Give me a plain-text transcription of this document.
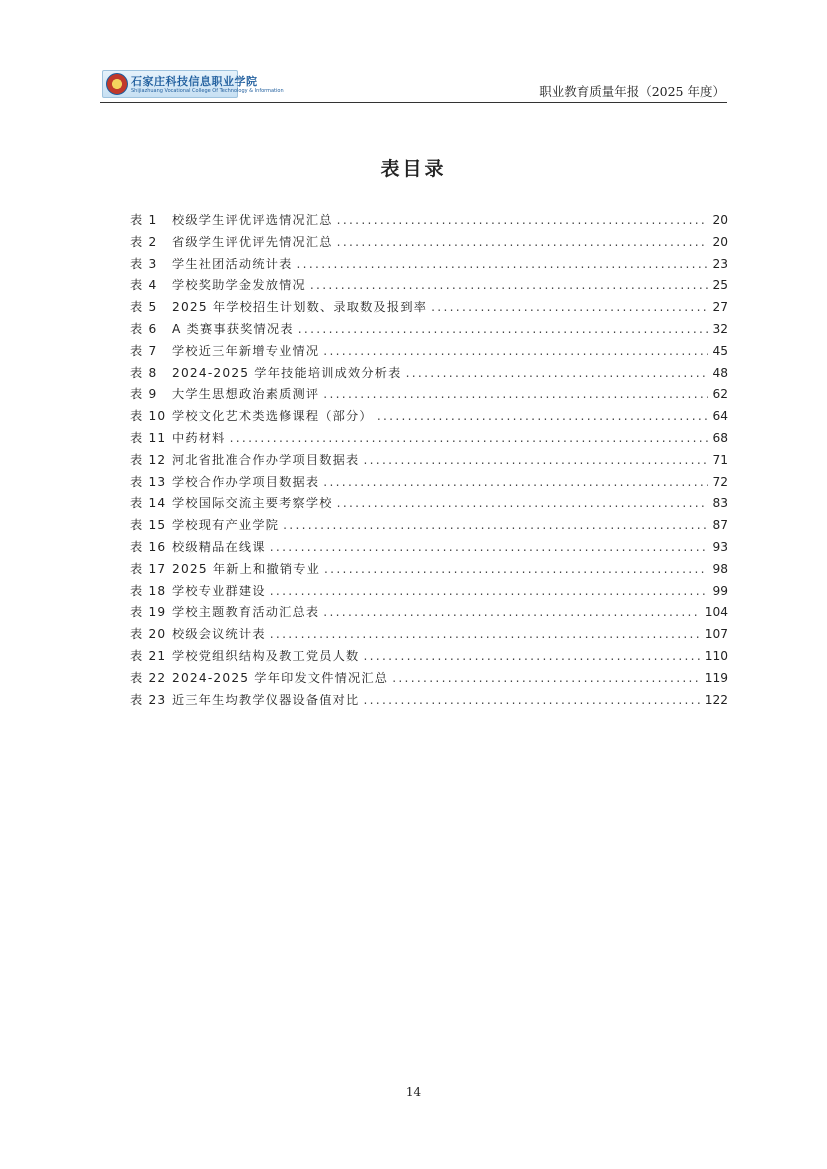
石家庄科技信息职业学院
Shijiazhuang Vocational College Of Technology & Information	职业教育质量年报（2025 年度）
表目录
表 1	校级学生评优评选情况汇总 .....	20
表 2	省级学生评优评先情况汇总 .....	20
表 3	学生社团活动统计表 .....	23
表 4	学校奖助学金发放情况 .....	25
表 5	2025 年学校招生计划数、录取数及报到率 .....	27
表 6	A 类赛事获奖情况表 .....	32
表 7	学校近三年新增专业情况 .....	45
表 8	2024-2025 学年技能培训成效分析表 .....	48
表 9	大学生思想政治素质测评 .....	62
表 10 学校文化艺术类选修课程（部分） .....	64
表 11 中药材料 .....	68
表 12 河北省批准合作办学项目数据表 .....	71
表 13 学校合作办学项目数据表 .....	72
表 14 学校国际交流主要考察学校 .....	83
表 15 学校现有产业学院 .....	87
表 16 校级精品在线课 .....	93
表 17 2025 年新上和撤销专业 .....	98
表 18 学校专业群建设 .....	99
表 19 学校主题教育活动汇总表 .....	104
表 20 校级会议统计表 .....	107
表 21 学校党组织结构及教工党员人数 .....	110
表 22 2024-2025 学年印发文件情况汇总 .....	119
表 23 近三年生均教学仪器设备值对比 .....	122
14
